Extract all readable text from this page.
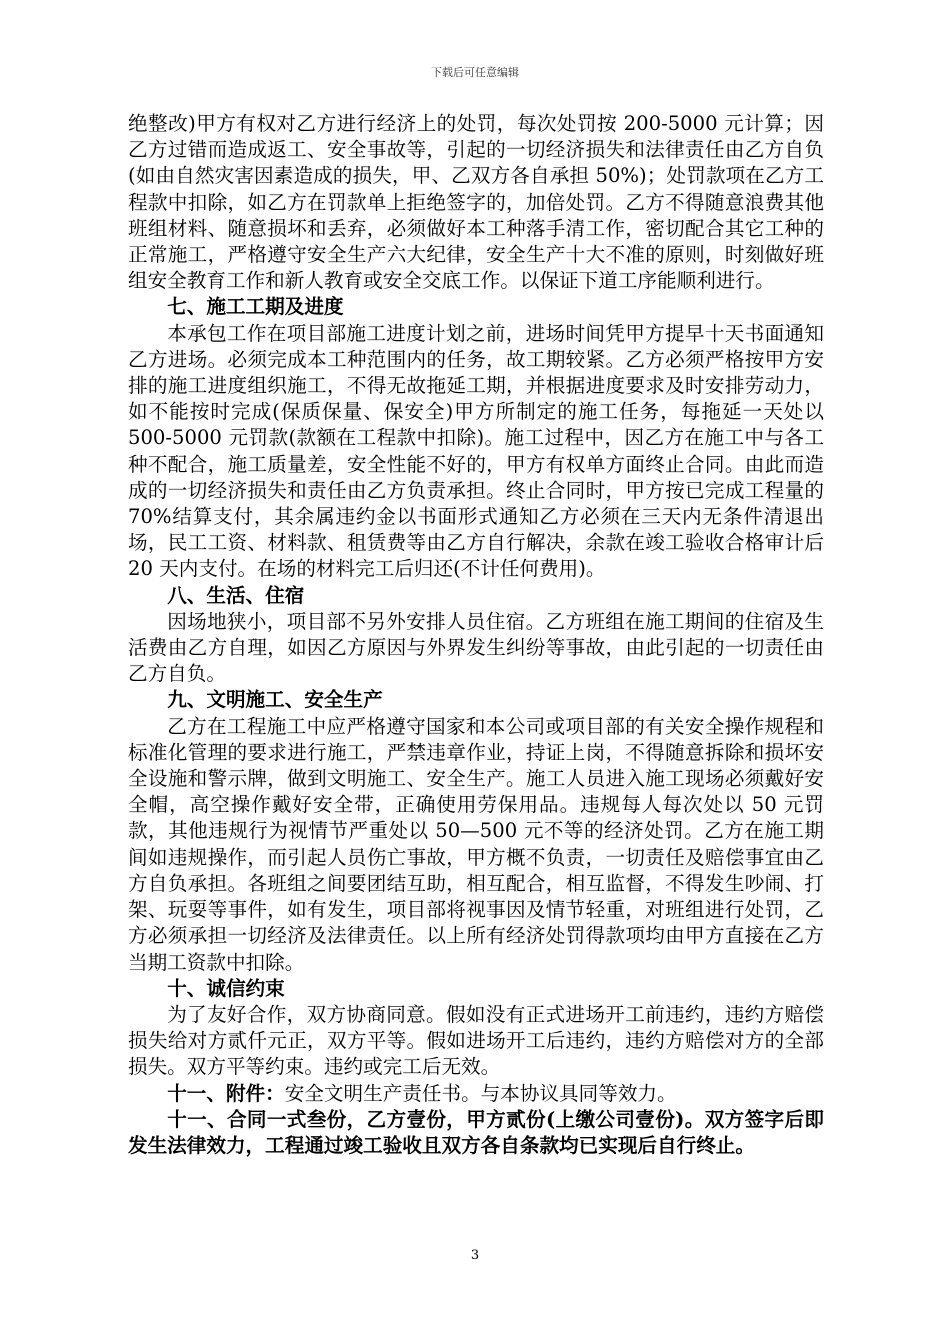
下载后可任意编辑

绝整改)甲方有权对乙方进行经济上的处罚，每次处罚按 200-5000 元计算；因乙方过错而造成返工、安全事故等，引起的一切经济损失和法律责任由乙方自负(如由自然灾害因素造成的损失，甲、乙双方各自承担 50%)；处罚款项在乙方工程款中扣除，如乙方在罚款单上拒绝签字的，加倍处罚。乙方不得随意浪费其他班组材料、随意损坏和丢弃，必须做好本工种落手清工作，密切配合其它工种的正常施工，严格遵守安全生产六大纪律，安全生产十大不准的原则，时刻做好班组安全教育工作和新人教育或安全交底工作。以保证下道工序能顺利进行。

七、施工工期及进度

本承包工作在项目部施工进度计划之前，进场时间凭甲方提早十天书面通知乙方进场。必须完成本工种范围内的任务，故工期较紧。乙方必须严格按甲方安排的施工进度组织施工，不得无故拖延工期，并根据进度要求及时安排劳动力，如不能按时完成(保质保量、保安全)甲方所制定的施工任务，每拖延一天处以 500-5000 元罚款(款额在工程款中扣除)。施工过程中，因乙方在施工中与各工种不配合，施工质量差，安全性能不好的，甲方有权单方面终止合同。由此而造成的一切经济损失和责任由乙方负责承担。终止合同时，甲方按已完成工程量的 70%结算支付，其余属违约金以书面形式通知乙方必须在三天内无条件清退出场，民工工资、材料款、租赁费等由乙方自行解决，余款在竣工验收合格审计后 20 天内支付。在场的材料完工后归还(不计任何费用)。

八、生活、住宿

因场地狭小，项目部不另外安排人员住宿。乙方班组在施工期间的住宿及生活费由乙方自理，如因乙方原因与外界发生纠纷等事故，由此引起的一切责任由乙方自负。

九、文明施工、安全生产

乙方在工程施工中应严格遵守国家和本公司或项目部的有关安全操作规程和标准化管理的要求进行施工，严禁违章作业，持证上岗，不得随意拆除和损坏安全设施和警示牌，做到文明施工、安全生产。施工人员进入施工现场必须戴好安全帽，高空操作戴好安全带，正确使用劳保用品。违规每人每次处以 50 元罚款，其他违规行为视情节严重处以 50—500 元不等的经济处罚。乙方在施工期间如违规操作，而引起人员伤亡事故，甲方概不负责，一切责任及赔偿事宜由乙方自负承担。各班组之间要团结互助，相互配合，相互监督，不得发生吵闹、打架、玩耍等事件，如有发生，项目部将视事因及情节轻重，对班组进行处罚，乙方必须承担一切经济及法律责任。以上所有经济处罚得款项均由甲方直接在乙方当期工资款中扣除。

十、诚信约束

为了友好合作，双方协商同意。假如没有正式进场开工前违约，违约方赔偿损失给对方贰仟元正，双方平等。假如进场开工后违约，违约方赔偿对方的全部损失。双方平等约束。违约或完工后无效。

十一、附件：安全文明生产责任书。与本协议具同等效力。

十一、合同一式叁份，乙方壹份，甲方贰份(上缴公司壹份)。双方签字后即发生法律效力，工程通过竣工验收且双方各自条款均已实现后自行终止。

3
